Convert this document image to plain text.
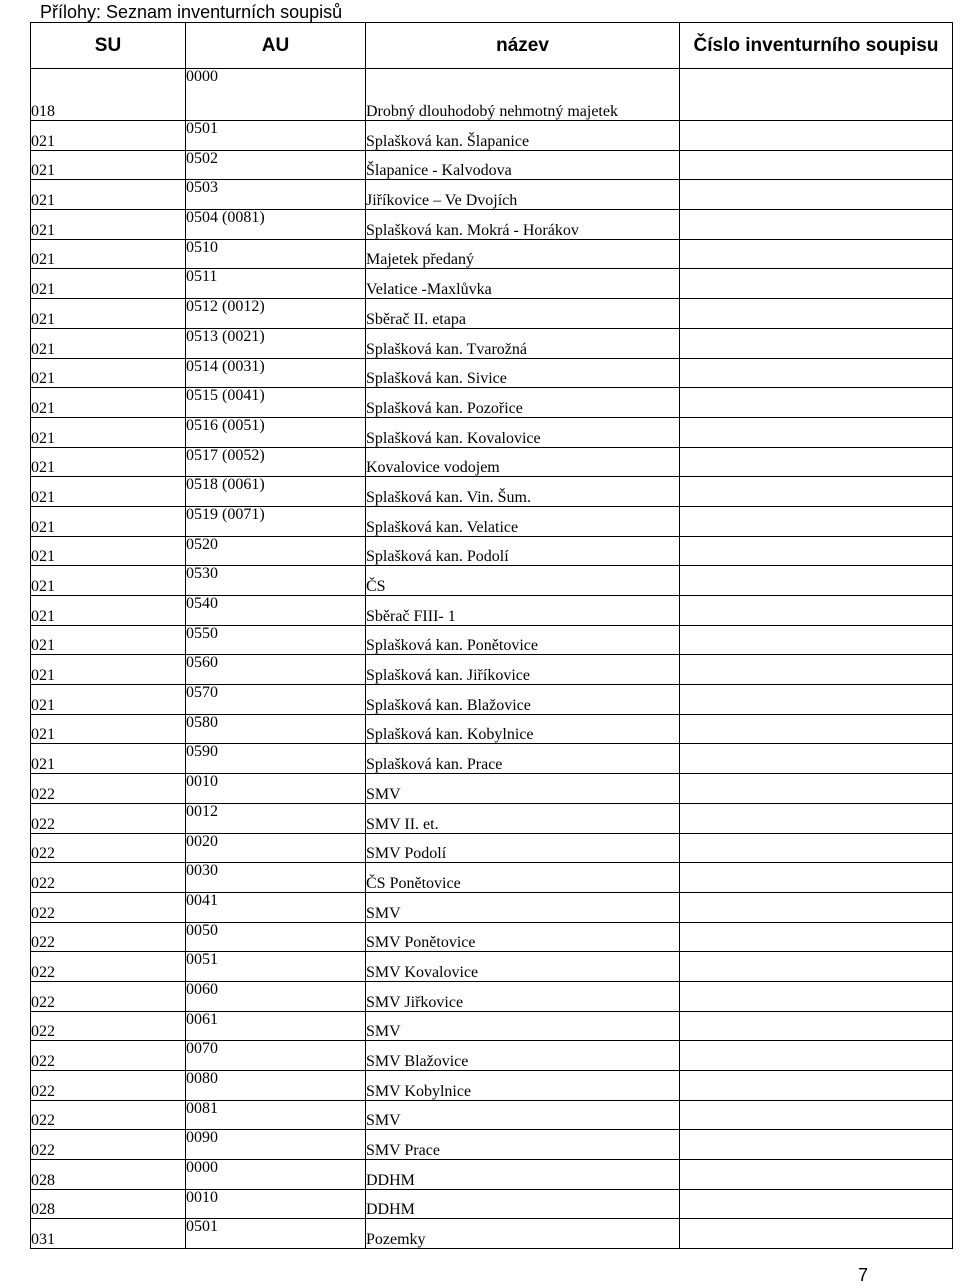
Přílohy: Seznam inventurních soupisů
SU	AU	název	Číslo inventurního soupisu
018	0000	Drobný dlouhodobý nehmotný majetek	
021	0501	Splašková kan. Šlapanice	
021	0502	Šlapanice - Kalvodova	
021	0503	Jiříkovice – Ve Dvojích	
021	0504 (0081)	Splašková kan. Mokrá - Horákov	
021	0510	Majetek předaný	
021	0511	Velatice -Maxlůvka	
021	0512 (0012)	Sběrač II. etapa	
021	0513 (0021)	Splašková kan. Tvarožná	
021	0514 (0031)	Splašková kan. Sivice	
021	0515 (0041)	Splašková kan. Pozořice	
021	0516 (0051)	Splašková kan. Kovalovice	
021	0517 (0052)	Kovalovice vodojem	
021	0518 (0061)	Splašková kan. Vin. Šum.	
021	0519 (0071)	Splašková kan. Velatice	
021	0520	Splašková kan. Podolí	
021	0530	ČS	
021	0540	Sběrač FIII- 1	
021	0550	Splašková kan. Ponětovice	
021	0560	Splašková kan. Jiříkovice	
021	0570	Splašková kan. Blažovice	
021	0580	Splašková kan. Kobylnice	
021	0590	Splašková kan. Prace	
022	0010	SMV	
022	0012	SMV II. et.	
022	0020	SMV Podolí	
022	0030	ČS Ponětovice	
022	0041	SMV	
022	0050	SMV Ponětovice	
022	0051	SMV Kovalovice	
022	0060	SMV Jiřkovice	
022	0061	SMV	
022	0070	SMV Blažovice	
022	0080	SMV Kobylnice	
022	0081	SMV	
022	0090	SMV Prace	
028	0000	DDHM	
028	0010	DDHM	
031	0501	Pozemky	
7
